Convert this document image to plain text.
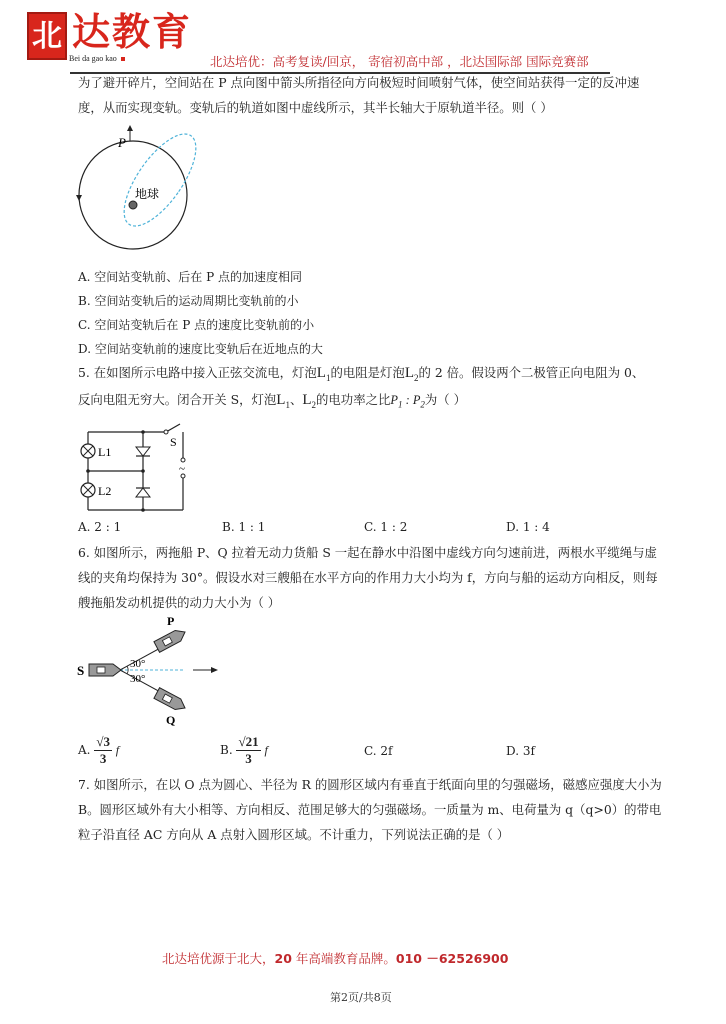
北 达教育
Bei da gao kao	北达培优：高考复读/回京， 寄宿初高中部 ，北达国际部 国际竞赛部
为了避开碎片，空间站在 P 点向图中箭头所指径向方向极短时间喷射气体，使空间站获得一定的反冲速
度，从而实现变轨。变轨后的轨道如图中虚线所示，其半长轴大于原轨道半径。则（ ）
P
地球
A. 空间站变轨前、后在 P 点的加速度相同
B. 空间站变轨后的运动周期比变轨前的小
C. 空间站变轨后在 P 点的速度比变轨前的小
D. 空间站变轨前的速度比变轨后在近地点的大
5. 在如图所示电路中接入正弦交流电，灯泡$L_1$的电阻是灯泡$L_2$的 2 倍。假设两个二极管正向电阻为 0、
反向电阻无穷大。闭合开关 S，灯泡$L_1$、$L_2$的电功率之比$P_1$ : $P_2$为（ ）
L1
L2
S
~
A. 2 : 1	B. 1 : 1	C. 1 : 2	D. 1 : 4
6. 如图所示，两拖船 P、Q 拉着无动力货船 S 一起在静水中沿图中虚线方向匀速前进，两根水平缆绳与虚
线的夹角均保持为 30°。假设水对三艘船在水平方向的作用力大小均为 f，方向与船的运动方向相反，则每
艘拖船发动机提供的动力大小为（ ）
P
Q
S	30°
30°
A. $\frac{√3}{3}$ f	B. $\frac{√21}{3}$ f	C. 2f	D. 3f
7. 如图所示，在以 O 点为圆心、半径为 R 的圆形区域内有垂直于纸面向里的匀强磁场，磁感应强度大小为
B。圆形区域外有大小相等、方向相反、范围足够大的匀强磁场。一质量为 m、电荷量为 q（q>0）的带电
粒子沿直径 AC 方向从 A 点射入圆形区域。不计重力，下列说法正确的是（ ）
北达培优源于北大，20 年高端教育品牌。010 －62526900
第2页/共8页
